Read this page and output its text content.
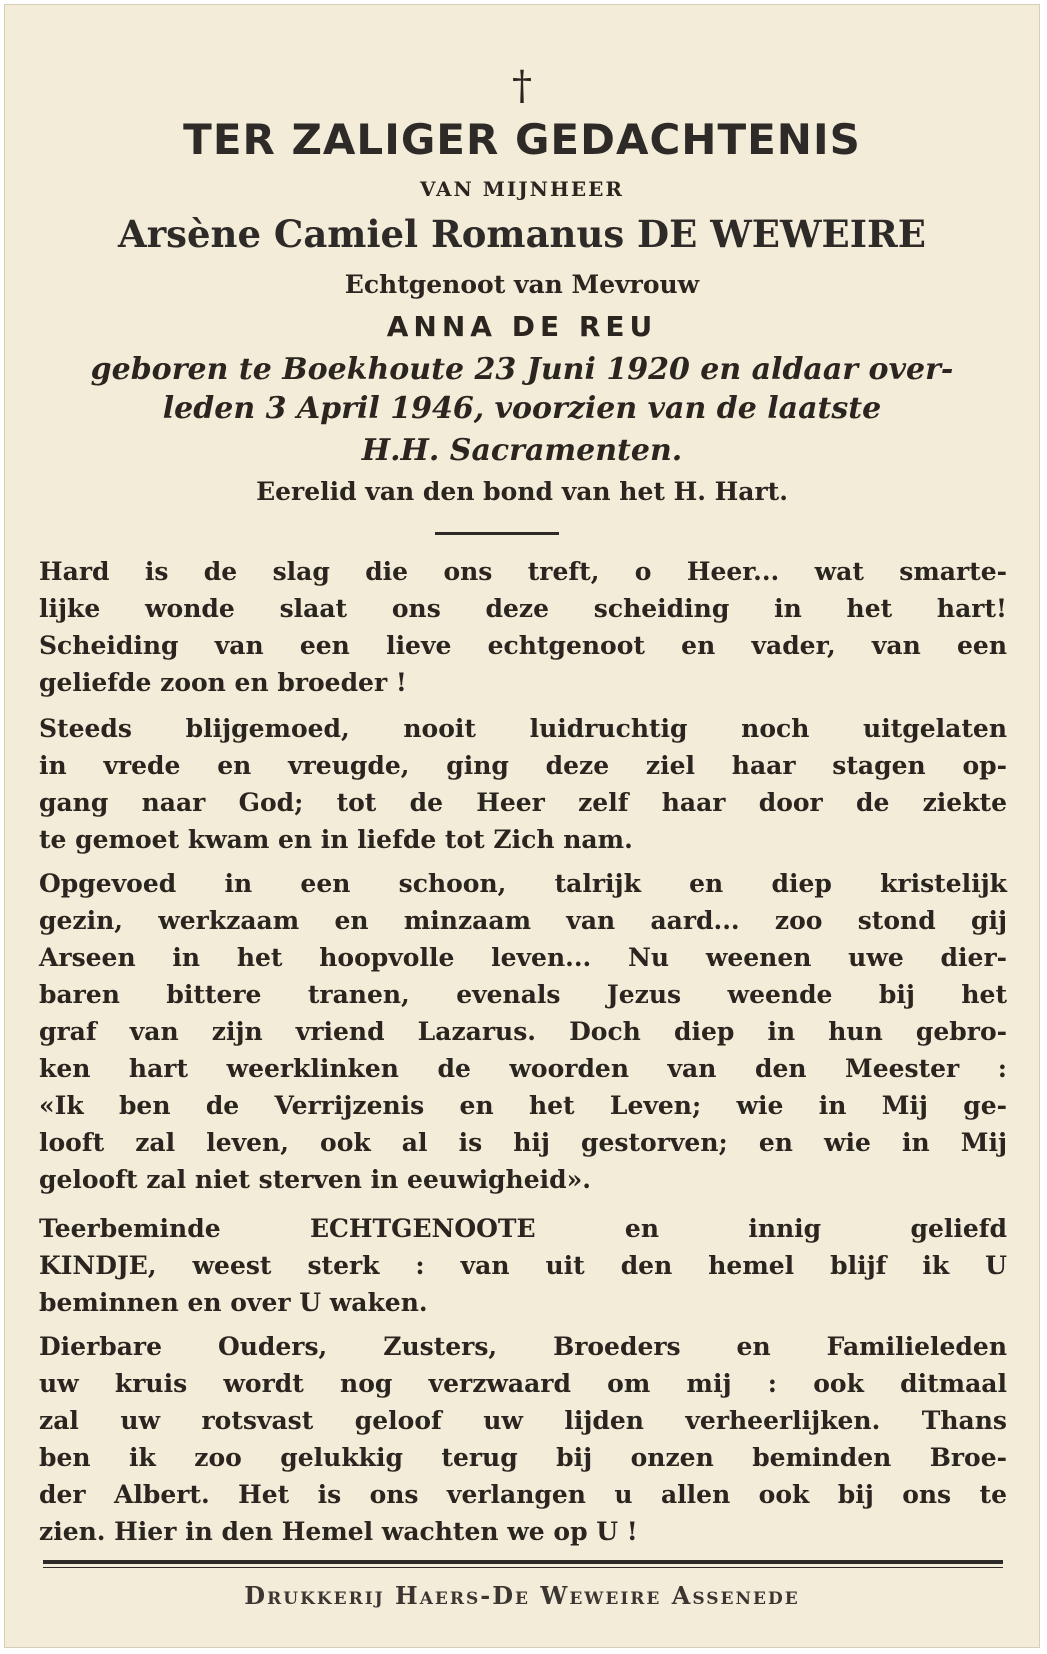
†
TER ZALIGER GEDACHTENIS
VAN MIJNHEER
Arsène Camiel Romanus DE WEWEIRE
Echtgenoot van Mevrouw
ANNA DE REU
geboren te Boekhoute 23 Juni 1920 en aldaar over-
leden 3 April 1946, voorzien van de laatste
H.H. Sacramenten.
Eerelid van den bond van het H. Hart.
Hard is de slag die ons treft, o Heer... wat smarte-
lijke wonde slaat ons deze scheiding in het hart!
Scheiding van een lieve echtgenoot en vader, van een
geliefde zoon en broeder !
Steeds blijgemoed, nooit luidruchtig noch uitgelaten
in vrede en vreugde, ging deze ziel haar stagen op-
gang naar God; tot de Heer zelf haar door de ziekte
te gemoet kwam en in liefde tot Zich nam.
Opgevoed in een schoon, talrijk en diep kristelijk
gezin, werkzaam en minzaam van aard... zoo stond gij
Arseen in het hoopvolle leven... Nu weenen uwe dier-
baren bittere tranen, evenals Jezus weende bij het
graf van zijn vriend Lazarus. Doch diep in hun gebro-
ken hart weerklinken de woorden van den Meester :
«Ik ben de Verrijzenis en het Leven; wie in Mij ge-
looft zal leven, ook al is hij gestorven; en wie in Mij
gelooft zal niet sterven in eeuwigheid».
Teerbeminde ECHTGENOOTE en innig geliefd
KINDJE, weest sterk : van uit den hemel blijf ik U
beminnen en over U waken.
Dierbare Ouders, Zusters, Broeders en Familieleden
uw kruis wordt nog verzwaard om mij : ook ditmaal
zal uw rotsvast geloof uw lijden verheerlijken. Thans
ben ik zoo gelukkig terug bij onzen beminden Broe-
der Albert. Het is ons verlangen u allen ook bij ons te
zien. Hier in den Hemel wachten we op U !
Drukkerij Haers-De Weweire Assenede
